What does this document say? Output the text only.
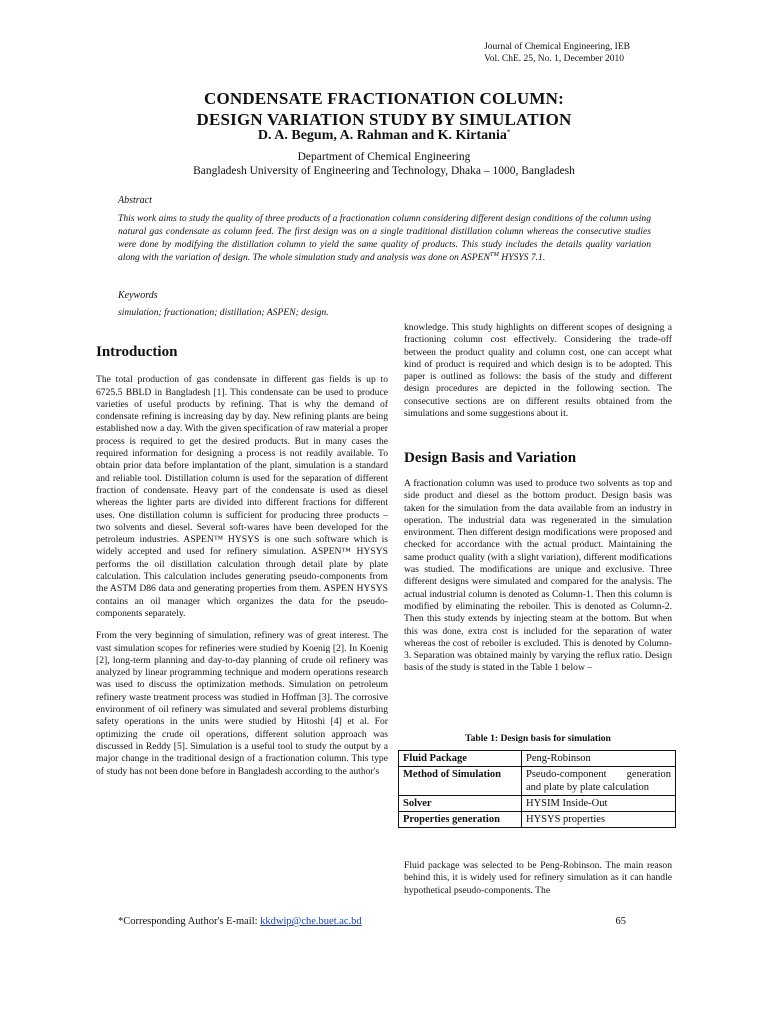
Journal of Chemical Engineering, IEB
Vol. ChE. 25, No. 1, December 2010
CONDENSATE FRACTIONATION COLUMN:
DESIGN VARIATION STUDY BY SIMULATION
D. A. Begum, A. Rahman and K. Kirtania*
Department of Chemical Engineering
Bangladesh University of Engineering and Technology, Dhaka – 1000, Bangladesh
Abstract
This work aims to study the quality of three products of a fractionation column considering different design conditions of the column using natural gas condensate as column feed. The first design was on a single traditional distillation column whereas the consecutive studies were done by modifying the distillation column to yield the same quality of products. This study includes the details quality variation along with the variation of design. The whole simulation study and analysis was done on ASPEN™ HYSYS 7.1.
Keywords
simulation; fractionation; distillation; ASPEN; design.
Introduction

The total production of gas condensate in different gas fields is up to 6725.5 BBLD in Bangladesh [1]. This condensate can be used to produce varieties of useful products by refining. That is why the demand of condensate refining is increasing day by day. New refining plants are being established now a day. With the given specification of raw material a proper process is required to get the desired products. But in many cases the required information for designing a process is not readily available. To obtain prior data before implantation of the plant, simulation is a standard and reliable tool. Distillation column is used for the separation of different fraction of condensate. Heavy part of the condensate is used as diesel whereas the lighter parts are divided into different fractions for different uses. One distillation column is sufficient for producing three products – two solvents and diesel. Several soft-wares have been developed for the petroleum industries. ASPEN™ HYSYS is one such software which is widely accepted and used for refinery simulation. ASPEN™ HYSYS performs the oil distillation calculation through detail plate by plate calculation. This calculation includes generating pseudo-components from the ASTM D86 data and generating properties from them. ASPEN HYSYS contains an oil manager which organizes the data for the pseudo-components separately.

From the very beginning of simulation, refinery was of great interest. The vast simulation scopes for refineries were studied by Koenig [2]. In Koenig [2], long-term planning and day-to-day planning of crude oil refinery was analyzed by linear programming technique and modern operations research was used to discuss the optimization methods. Simulation on petroleum refinery waste treatment process was studied in Hoffman [3]. The corrosive environment of oil refinery was simulated and several problems disturbing safety operations in the units were studied by Hitoshi [4] et al. For optimizing the crude oil operations, different solution approach was discussed in Reddy [5]. Simulation is a useful tool to study the output by a major change in the traditional design of a fractionation column. This type of study has not been done before in Bangladesh according to the author's

knowledge. This study highlights on different scopes of designing a fractioning column cost effectively. Considering the trade-off between the product quality and column cost, one can accept what kind of product is required and which design is to be adopted. This paper is outlined as follows: the basis of the study and different design procedures are depicted in the following section. The consecutive sections are on different results obtained from the simulations and some suggestions about it.

Design Basis and Variation

A fractionation column was used to produce two solvents as top and side product and diesel as the bottom product. Design basis was taken for the simulation from the data available from an industry in operation. The industrial data was regenerated in the simulation environment. Then different design modifications were proposed and checked for accordance with the actual product. Maintaining the same product quality (with a slight variation), different modifications was studied. The modifications are unique and exclusive. Three different designs were simulated and compared for the analysis. The actual industrial column is denoted as Column-1. Then this column is modified by eliminating the reboiler. This is denoted as Column-2. Then this study extends by injecting steam at the bottom. But when this was done, extra cost is included for the separation of water whereas the cost of reboiler is excluded. This is denoted by Column-3. Separation was obtained mainly by varying the reflux ratio. Design basis of the study is stated in the Table 1 below –

Table 1: Design basis for simulation
Fluid Package	Peng-Robinson
Method of Simulation	Pseudo-component generation and plate by plate calculation
Solver	HYSIM Inside-Out
Properties generation	HYSYS properties

Fluid package was selected to be Peng-Robinson. The main reason behind this, it is widely used for refinery simulation as it can handle hypothetical pseudo-components. The

*Corresponding Author's E-mail: kkdwip@che.buet.ac.bd	65
